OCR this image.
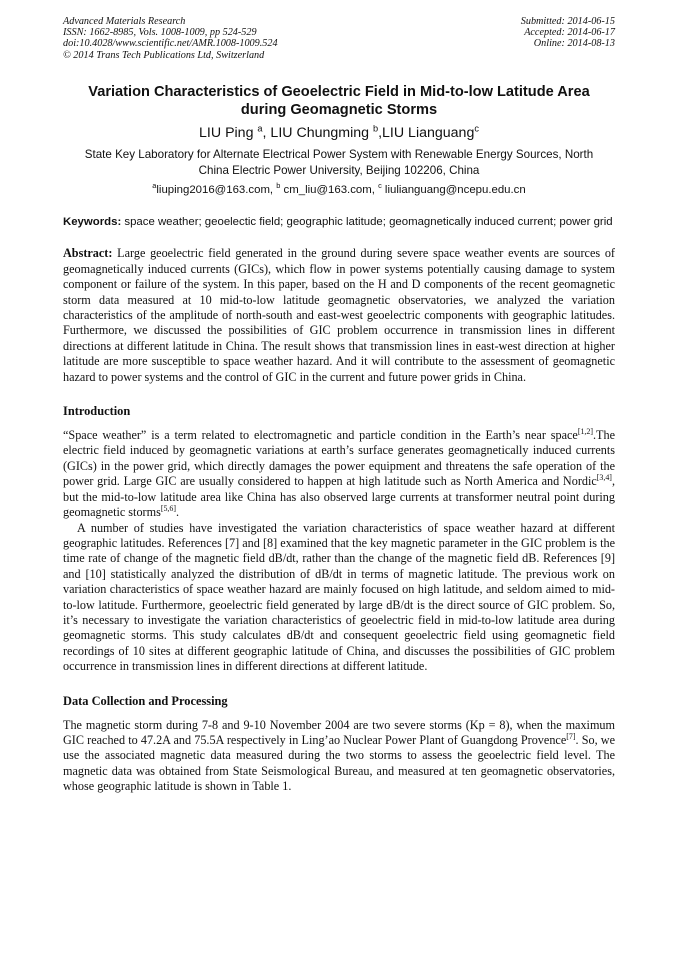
Advanced Materials Research
ISSN: 1662-8985, Vols. 1008-1009, pp 524-529
doi:10.4028/www.scientific.net/AMR.1008-1009.524
© 2014 Trans Tech Publications Ltd, Switzerland
Submitted: 2014-06-15
Accepted: 2014-06-17
Online: 2014-08-13
Variation Characteristics of Geoelectric Field in Mid-to-low Latitude Area
during Geomagnetic Storms
LIU Ping $^a$, LIU Chungming $^b$,LIU Lianguang$^c$
State Key Laboratory for Alternate Electrical Power System with Renewable Energy Sources, North
China Electric Power University, Beijing 102206, China
$^a$liuping2016@163.com, $^b$ cm_liu@163.com, $^c$ liulianguang@ncepu.edu.cn
Keywords: space weather; geoelectic field; geographic latitude; geomagnetically induced current; power grid

Abstract: Large geoelectric field generated in the ground during severe space weather events are sources of geomagnetically induced currents (GICs), which flow in power systems potentially causing damage to system component or failure of the system. In this paper, based on the H and D components of the recent geomagnetic storm data measured at 10 mid-to-low latitude geomagnetic observatories, we analyzed the variation characteristics of the amplitude of north-south and east-west geoelectric components with geographic latitudes. Furthermore, we discussed the possibilities of GIC problem occurrence in transmission lines in different directions at different latitude in China. The result shows that transmission lines in east-west direction at higher latitude are more susceptible to space weather hazard. And it will contribute to the assessment of geomagnetic hazard to power systems and the control of GIC in the current and future power grids in China.

Introduction

“Space weather” is a term related to electromagnetic and particle condition in the Earth’s near space[1,2].The electric field induced by geomagnetic variations at earth’s surface generates geomagnetically induced currents (GICs) in the power grid, which directly damages the power equipment and threatens the safe operation of the power grid. Large GIC are usually considered to happen at high latitude such as North America and Nordic[3,4], but the mid-to-low latitude area like China has also observed large currents at transformer neutral point during geomagnetic storms[5,6].

A number of studies have investigated the variation characteristics of space weather hazard at different geographic latitudes. References [7] and [8] examined that the key magnetic parameter in the GIC problem is the time rate of change of the magnetic field dB/dt, rather than the change of the magnetic field dB. References [9] and [10] statistically analyzed the distribution of dB/dt in terms of magnetic latitude. The previous work on variation characteristics of space weather hazard are mainly focused on high latitude, and seldom aimed to mid-to-low latitude. Furthermore, geoelectric field generated by large dB/dt is the direct source of GIC problem. So, it’s necessary to investigate the variation characteristics of geoelectric field in mid-to-low latitude area during geomagnetic storms. This study calculates dB/dt and consequent geoelectric field using geomagnetic field recordings of 10 sites at different geographic latitude of China, and discusses the possibilities of GIC problem occurrence in transmission lines in different directions at different latitude.

Data Collection and Processing

The magnetic storm during 7-8 and 9-10 November 2004 are two severe storms (Kp = 8), when the maximum GIC reached to 47.2A and 75.5A respectively in Ling’ao Nuclear Power Plant of Guangdong Provence[7]. So, we use the associated magnetic data measured during the two storms to assess the geoelectric field level. The magnetic data was obtained from State Seismological Bureau, and measured at ten geomagnetic observatories, whose geographic latitude is shown in Table 1.
